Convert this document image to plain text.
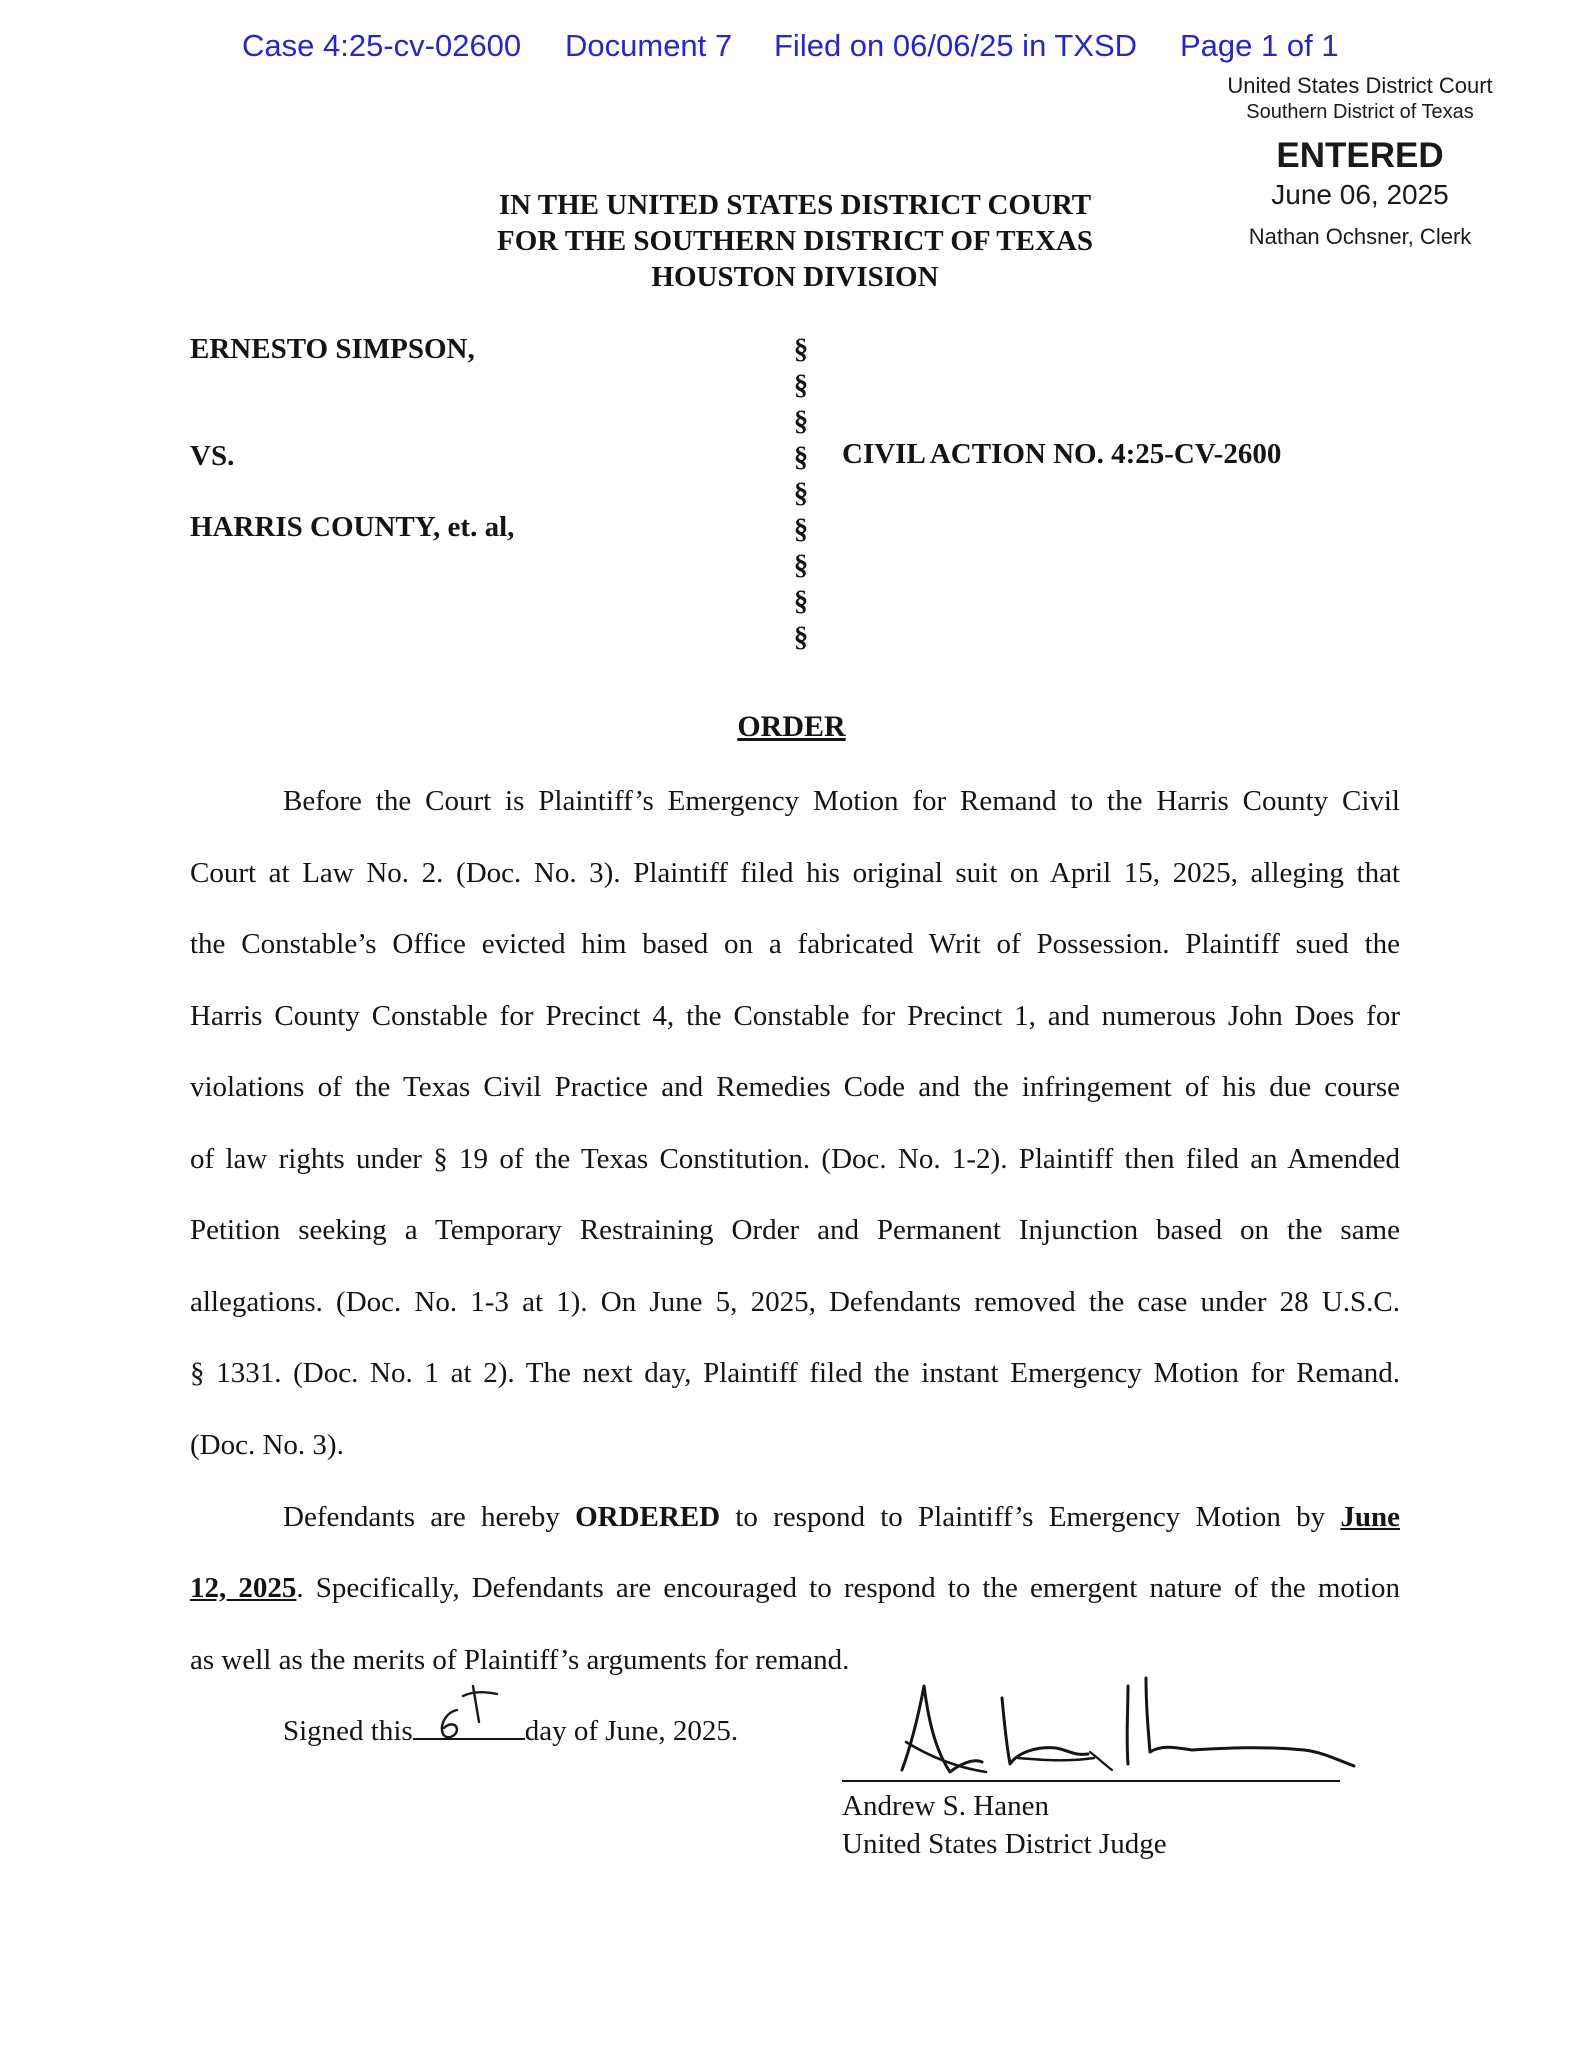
Case 4:25-cv-02600 Document 7 Filed on 06/06/25 in TXSD Page 1 of 1
United States District Court
Southern District of Texas
ENTERED
June 06, 2025
Nathan Ochsner, Clerk
IN THE UNITED STATES DISTRICT COURT
FOR THE SOUTHERN DISTRICT OF TEXAS
HOUSTON DIVISION
ERNESTO SIMPSON,
VS.
HARRIS COUNTY, et. al,
§
§
§
§
§
§
§
§
§
CIVIL ACTION NO. 4:25-CV-2600
ORDER
Before the Court is Plaintiff’s Emergency Motion for Remand to the Harris County Civil
Court at Law No. 2. (Doc. No. 3). Plaintiff filed his original suit on April 15, 2025, alleging that
the Constable’s Office evicted him based on a fabricated Writ of Possession. Plaintiff sued the
Harris County Constable for Precinct 4, the Constable for Precinct 1, and numerous John Does for
violations of the Texas Civil Practice and Remedies Code and the infringement of his due course
of law rights under § 19 of the Texas Constitution. (Doc. No. 1-2). Plaintiff then filed an Amended
Petition seeking a Temporary Restraining Order and Permanent Injunction based on the same
allegations. (Doc. No. 1-3 at 1). On June 5, 2025, Defendants removed the case under 28 U.S.C.
§ 1331. (Doc. No. 1 at 2). The next day, Plaintiff filed the instant Emergency Motion for Remand.
(Doc. No. 3).
Defendants are hereby ORDERED to respond to Plaintiff’s Emergency Motion by June
12, 2025. Specifically, Defendants are encouraged to respond to the emergent nature of the motion
as well as the merits of Plaintiff’s arguments for remand.
Signed this	day of June, 2025.
Andrew S. Hanen
United States District Judge
